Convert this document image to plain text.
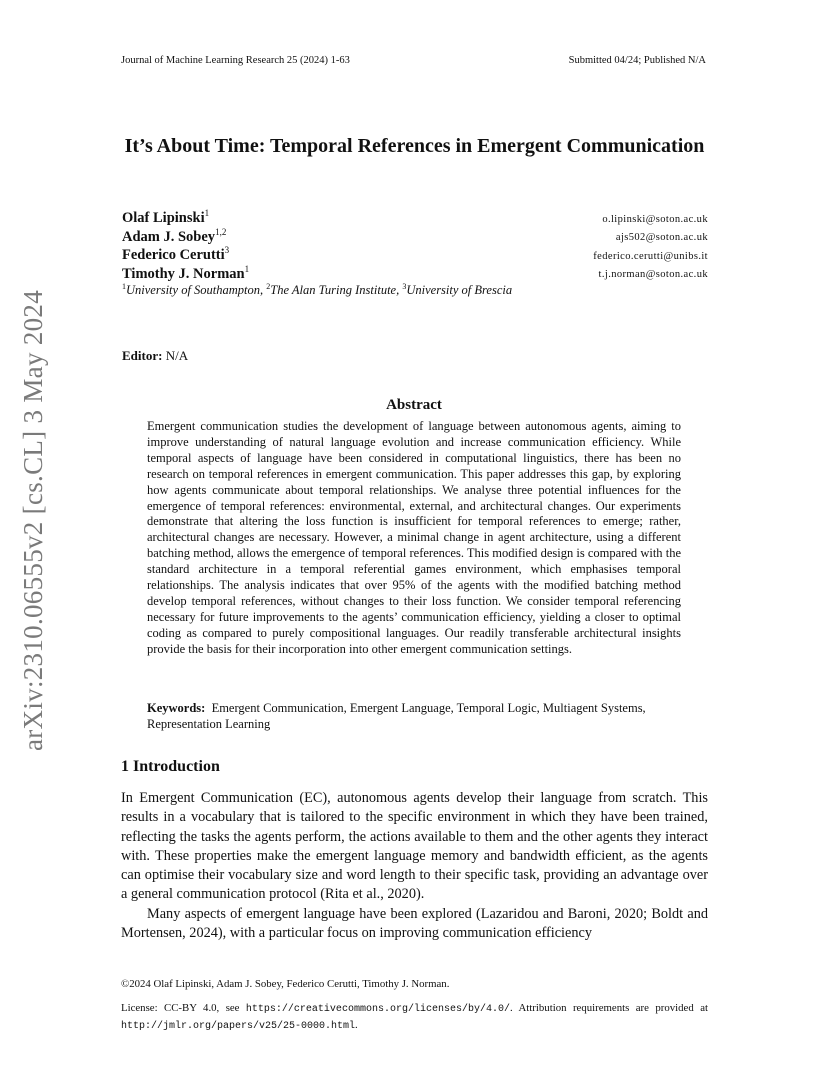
Journal of Machine Learning Research 25 (2024) 1-63	Submitted 04/24; Published N/A
arXiv:2310.06555v2 [cs.CL] 3 May 2024
It’s About Time: Temporal References in Emergent Communication
Olaf Lipinski$^1$
o.lipinski@soton.ac.uk
Adam J. Sobey$^{1,2}$
ajs502@soton.ac.uk
Federico Cerutti$^3$
federico.cerutti@unibs.it
Timothy J. Norman$^1$
t.j.norman@soton.ac.uk
$^1$University of Southampton, $^2$The Alan Turing Institute, $^3$University of Brescia
Editor: N/A
Abstract
Emergent communication studies the development of language between autonomous agents, aiming to improve understanding of natural language evolution and increase communication efficiency. While temporal aspects of language have been considered in computational linguistics, there has been no research on temporal references in emergent communication. This paper addresses this gap, by exploring how agents communicate about temporal relationships. We analyse three potential influences for the emergence of temporal references: environmental, external, and architectural changes. Our experiments demonstrate that altering the loss function is insufficient for temporal references to emerge; rather, architectural changes are necessary. However, a minimal change in agent architecture, using a different batching method, allows the emergence of temporal references. This modified design is compared with the standard architecture in a temporal referential games environment, which emphasises temporal relationships. The analysis indicates that over 95% of the agents with the modified batching method develop temporal references, without changes to their loss function. We consider temporal referencing necessary for future improvements to the agents’ communication efficiency, yielding a closer to optimal coding as compared to purely compositional languages. Our readily transferable architectural insights provide the basis for their incorporation into other emergent communication settings.
Keywords: Emergent Communication, Emergent Language, Temporal Logic, Multiagent Systems, Representation Learning
1 Introduction

In Emergent Communication (EC), autonomous agents develop their language from scratch. This results in a vocabulary that is tailored to the specific environment in which they have been trained, reflecting the tasks the agents perform, the actions available to them and the other agents they interact with. These properties make the emergent language memory and bandwidth efficient, as the agents can optimise their vocabulary size and word length to their specific task, providing an advantage over a general communication protocol (Rita et al., 2020).

Many aspects of emergent language have been explored (Lazaridou and Baroni, 2020; Boldt and Mortensen, 2024), with a particular focus on improving communication efficiency

©2024 Olaf Lipinski, Adam J. Sobey, Federico Cerutti, Timothy J. Norman.
License: CC-BY 4.0, see https://creativecommons.org/licenses/by/4.0/. Attribution requirements are provided at http://jmlr.org/papers/v25/25-0000.html.
